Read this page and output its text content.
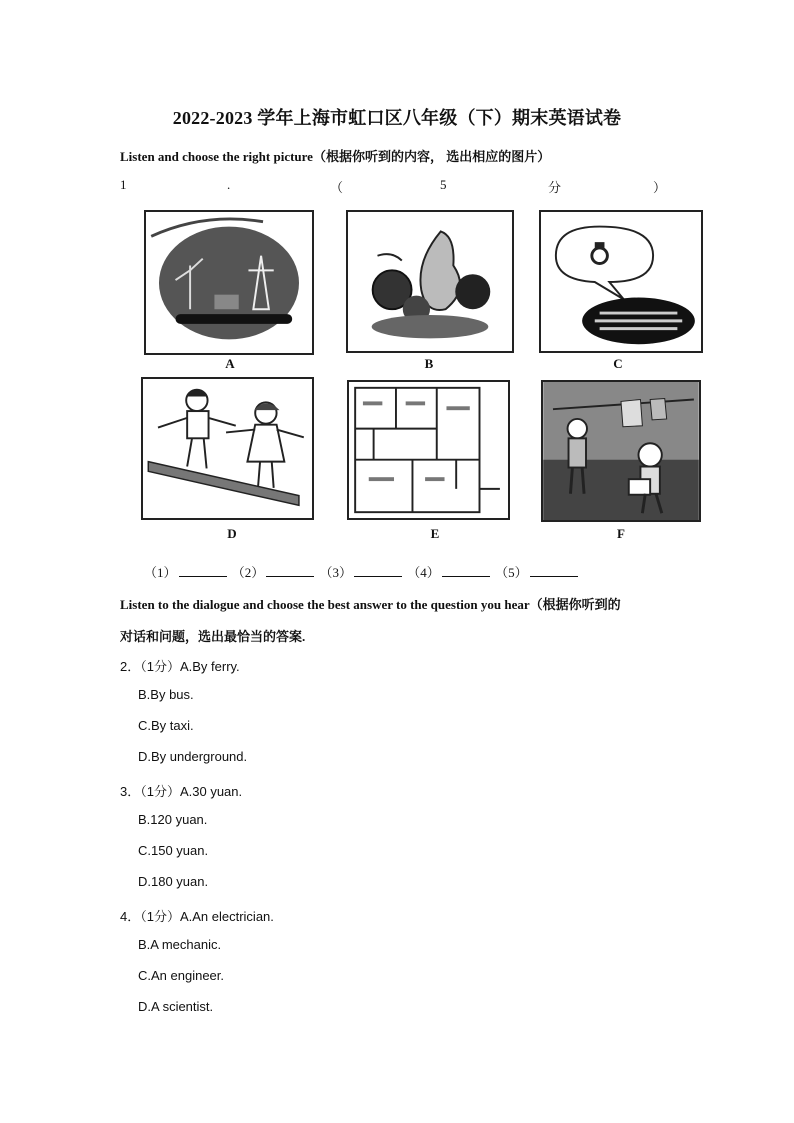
2022-2023 学年上海市虹口区八年级（下）期末英语试卷
Listen and choose the right picture（根据你听到的内容， 选出相应的图片）
1	.	（	5	分	）
A	B	C
D	E	F
（1）	（2）	（3）	（4）	（5）
Listen to the dialogue and choose the best answer to the question you hear（根据你听到的
对话和问题，选出最恰当的答案.
2．（1分）A.By ferry.
B.By bus.
C.By taxi.
D.By underground.
3．（1分）A.30 yuan.
B.120 yuan.
C.150 yuan.
D.180 yuan.
4．（1分）A.An electrician.
B.A mechanic.
C.An engineer.
D.A scientist.
